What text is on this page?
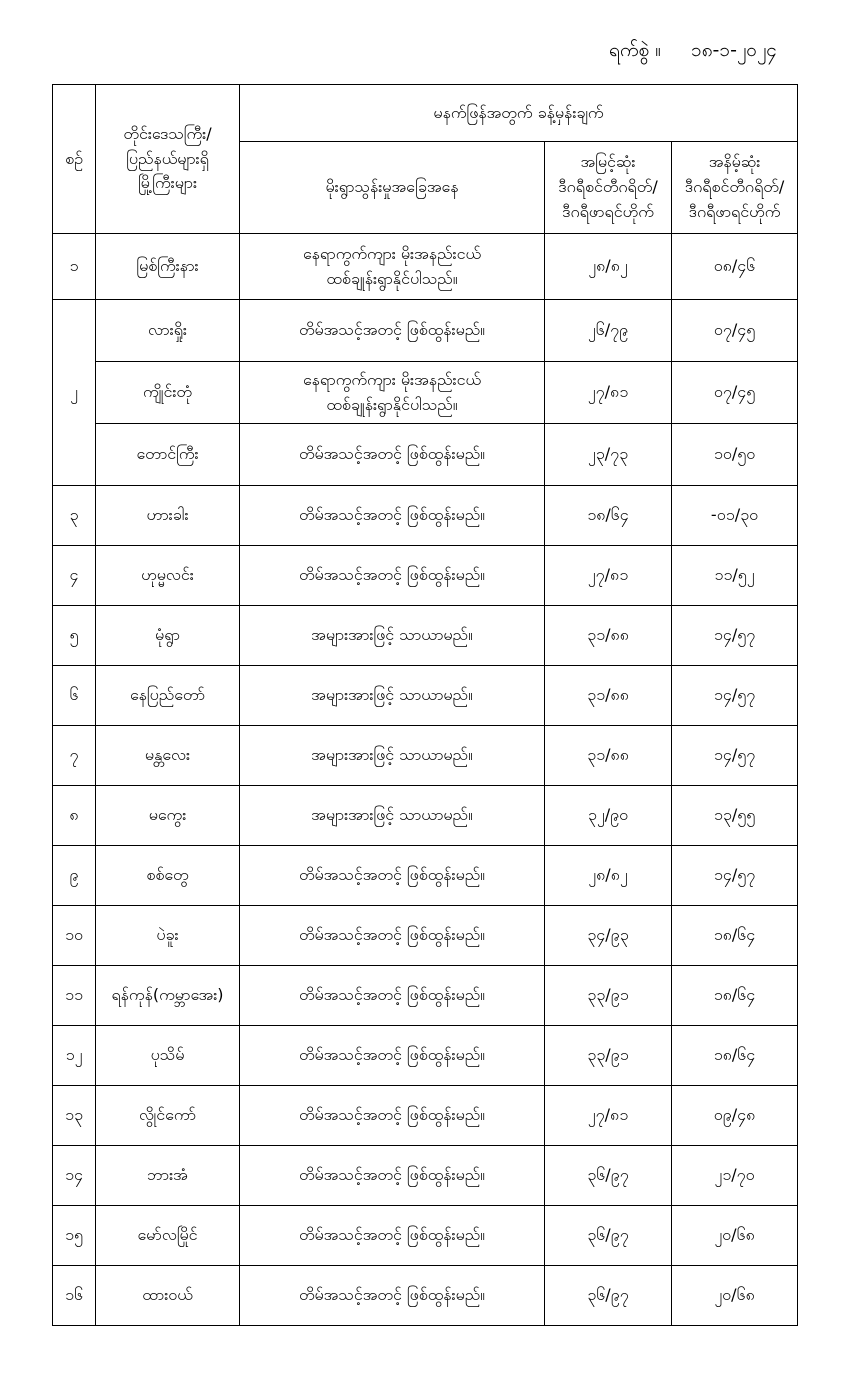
ရက်စွဲ ။ ၁၈-၁-၂၀၂၄
စဉ်	တိုင်းဒေသကြီး/
ပြည်နယ်များရှိ
မြို့ကြီးများ	မနက်ဖြန်အတွက် ခန့်မှန်းချက်		
		မိုးရွာသွန်းမှုအခြေအနေ	အမြင့်ဆုံး
ဒီဂရီစင်တီဂရိတ်/
ဒီဂရီဖာရင်ဟိုက်	အနိမ့်ဆုံး
ဒီဂရီစင်တီဂရိတ်/
ဒီဂရီဖာရင်ဟိုက်
၁	မြစ်ကြီးနား	နေရာကွက်ကျား မိုးအနည်းငယ်
ထစ်ချုန်းရွာနိုင်ပါသည်။	၂၈/၈၂	၀၈/၄၆
၂	လားရှိုး	တိမ်အသင့်အတင့် ဖြစ်ထွန်းမည်။	၂၆/၇၉	၀၇/၄၅
	ကျိုင်းတုံ	နေရာကွက်ကျား မိုးအနည်းငယ်
ထစ်ချုန်းရွာနိုင်ပါသည်။	၂၇/၈၁	၀၇/၄၅
	တောင်ကြီး	တိမ်အသင့်အတင့် ဖြစ်ထွန်းမည်။	၂၃/၇၃	၁၀/၅၀
၃	ဟားခါး	တိမ်အသင့်အတင့် ဖြစ်ထွန်းမည်။	၁၈/၆၄	-၀၁/၃၀
၄	ဟုမ္မလင်း	တိမ်အသင့်အတင့် ဖြစ်ထွန်းမည်။	၂၇/၈၁	၁၁/၅၂
၅	မုံရွာ	အများအားဖြင့် သာယာမည်။	၃၁/၈၈	၁၄/၅၇
၆	နေပြည်တော်	အများအားဖြင့် သာယာမည်။	၃၁/၈၈	၁၄/၅၇
၇	မန္တလေး	အများအားဖြင့် သာယာမည်။	၃၁/၈၈	၁၄/၅၇
၈	မကွေး	အများအားဖြင့် သာယာမည်။	၃၂/၉၀	၁၃/၅၅
၉	စစ်တွေ	တိမ်အသင့်အတင့် ဖြစ်ထွန်းမည်။	၂၈/၈၂	၁၄/၅၇
၁၀	ပဲခူး	တိမ်အသင့်အတင့် ဖြစ်ထွန်းမည်။	၃၄/၉၃	၁၈/၆၄
၁၁	ရန်ကုန်(ကမ္ဘာအေး)	တိမ်အသင့်အတင့် ဖြစ်ထွန်းမည်။	၃၃/၉၁	၁၈/၆၄
၁၂	ပုသိမ်	တိမ်အသင့်အတင့် ဖြစ်ထွန်းမည်။	၃၃/၉၁	၁၈/၆၄
၁၃	လွိုင်ကော်	တိမ်အသင့်အတင့် ဖြစ်ထွန်းမည်။	၂၇/၈၁	၀၉/၄၈
၁၄	ဘားအံ	တိမ်အသင့်အတင့် ဖြစ်ထွန်းမည်။	၃၆/၉၇	၂၁/၇၀
၁၅	မော်လမြိုင်	တိမ်အသင့်အတင့် ဖြစ်ထွန်းမည်။	၃၆/၉၇	၂၀/၆၈
၁၆	ထားဝယ်	တိမ်အသင့်အတင့် ဖြစ်ထွန်းမည်။	၃၆/၉၇	၂၀/၆၈
